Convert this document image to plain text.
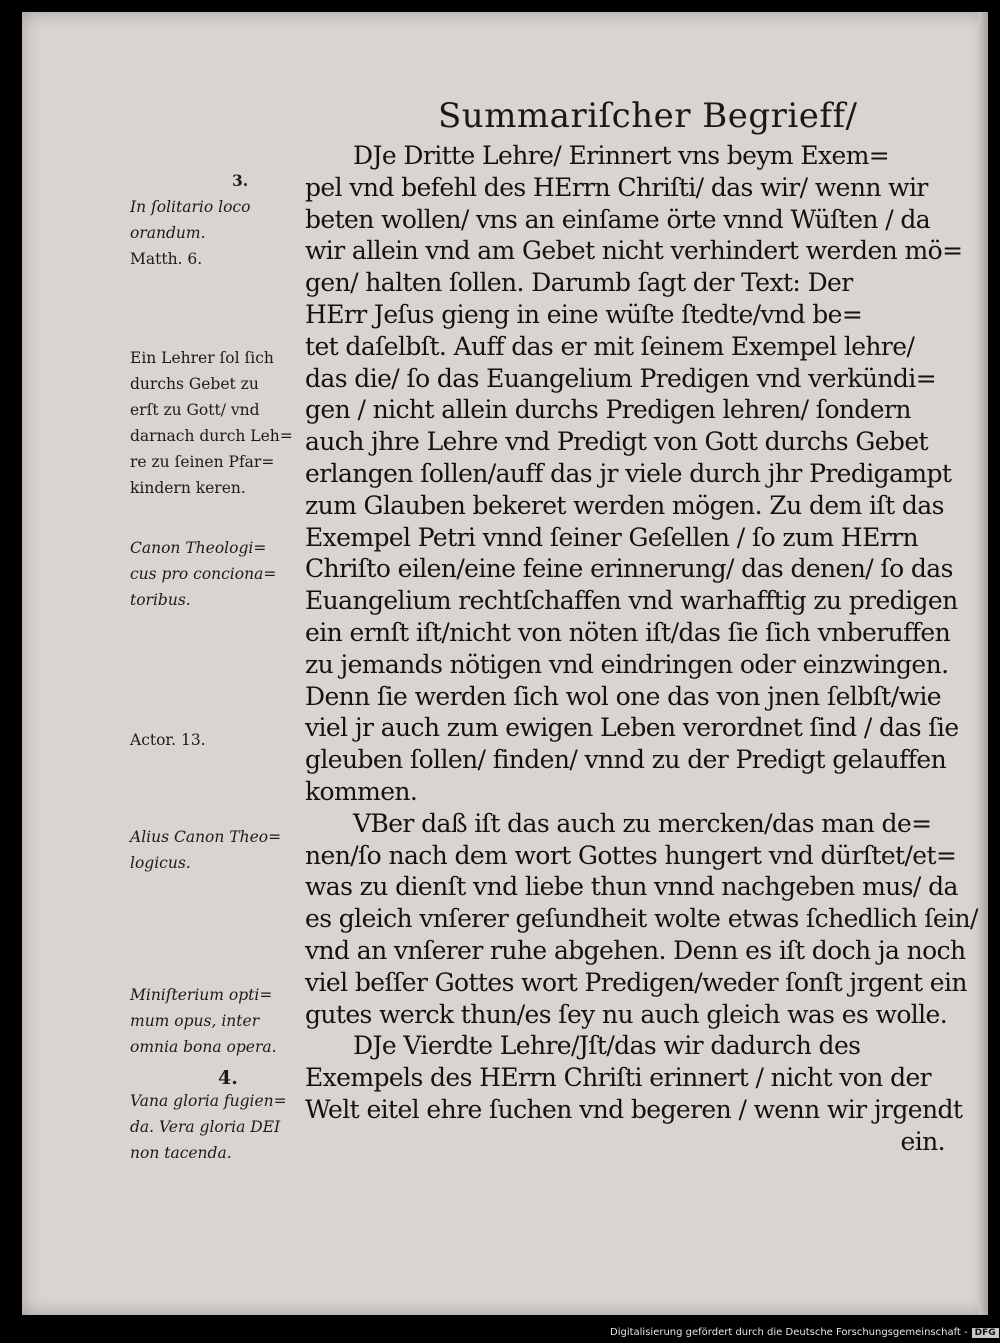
Summariſcher Begrieff/
DJe Dritte Lehre/ Erinnert vns beym Exem=
pel vnd befehl des HErrn Chriſti/ das wir/ wenn wir
beten wollen/ vns an einſame örte vnnd Wüſten / da
wir allein vnd am Gebet nicht verhindert werden mö=
gen/ halten ſollen. Darumb ſagt der Text: Der
HErr Jeſus gieng in eine wüſte ſtedte/vnd be=
tet daſelbſt. Auff das er mit ſeinem Exempel lehre/
das die/ ſo das Euangelium Predigen vnd verkündi=
gen / nicht allein durchs Predigen lehren/ ſondern
auch jhre Lehre vnd Predigt von Gott durchs Gebet
erlangen ſollen/auff das jr viele durch jhr Predigampt
zum Glauben bekeret werden mögen. Zu dem iſt das
Exempel Petri vnnd ſeiner Geſellen / ſo zum HErrn
Chriſto eilen/eine feine erinnerung/ das denen/ ſo das
Euangelium rechtſchaffen vnd warhafftig zu predigen
ein ernſt iſt/nicht von nöten iſt/das ſie ſich vnberuffen
zu jemands nötigen vnd eindringen oder einzwingen.
Denn ſie werden ſich wol one das von jnen ſelbſt/wie
viel jr auch zum ewigen Leben verordnet ſind / das ſie
gleuben ſollen/ finden/ vnnd zu der Predigt gelauffen
kommen.
VBer daß iſt das auch zu mercken/das man de=
nen/ſo nach dem wort Gottes hungert vnd dürſtet/et=
was zu dienſt vnd liebe thun vnnd nachgeben mus/ da
es gleich vnſerer geſundheit wolte etwas ſchedlich ſein/
vnd an vnſerer ruhe abgehen. Denn es iſt doch ja noch
viel beſſer Gottes wort Predigen/weder ſonſt jrgent ein
gutes werck thun/es ſey nu auch gleich was es wolle.
DJe Vierdte Lehre/Jſt/das wir dadurch des
Exempels des HErrn Chriſti erinnert / nicht von der
Welt eitel ehre ſuchen vnd begeren / wenn wir jrgendt
ein.
3.
In ſolitario loco
orandum.
Matth. 6.
Ein Lehrer ſol ſich
durchs Gebet zu
erſt zu Gott/ vnd
darnach durch Leh=
re zu ſeinen Pfar=
kindern keren.
Canon Theologi=
cus pro conciona=
toribus.
Actor. 13.
Alius Canon Theo=
logicus.
Miniſterium opti=
mum opus, inter
omnia bona opera.
4.
Vana gloria fugien=
da. Vera gloria DEI
non tacenda.
Digitalisierung gefördert durch die Deutsche Forschungsgemeinschaft - DFG
